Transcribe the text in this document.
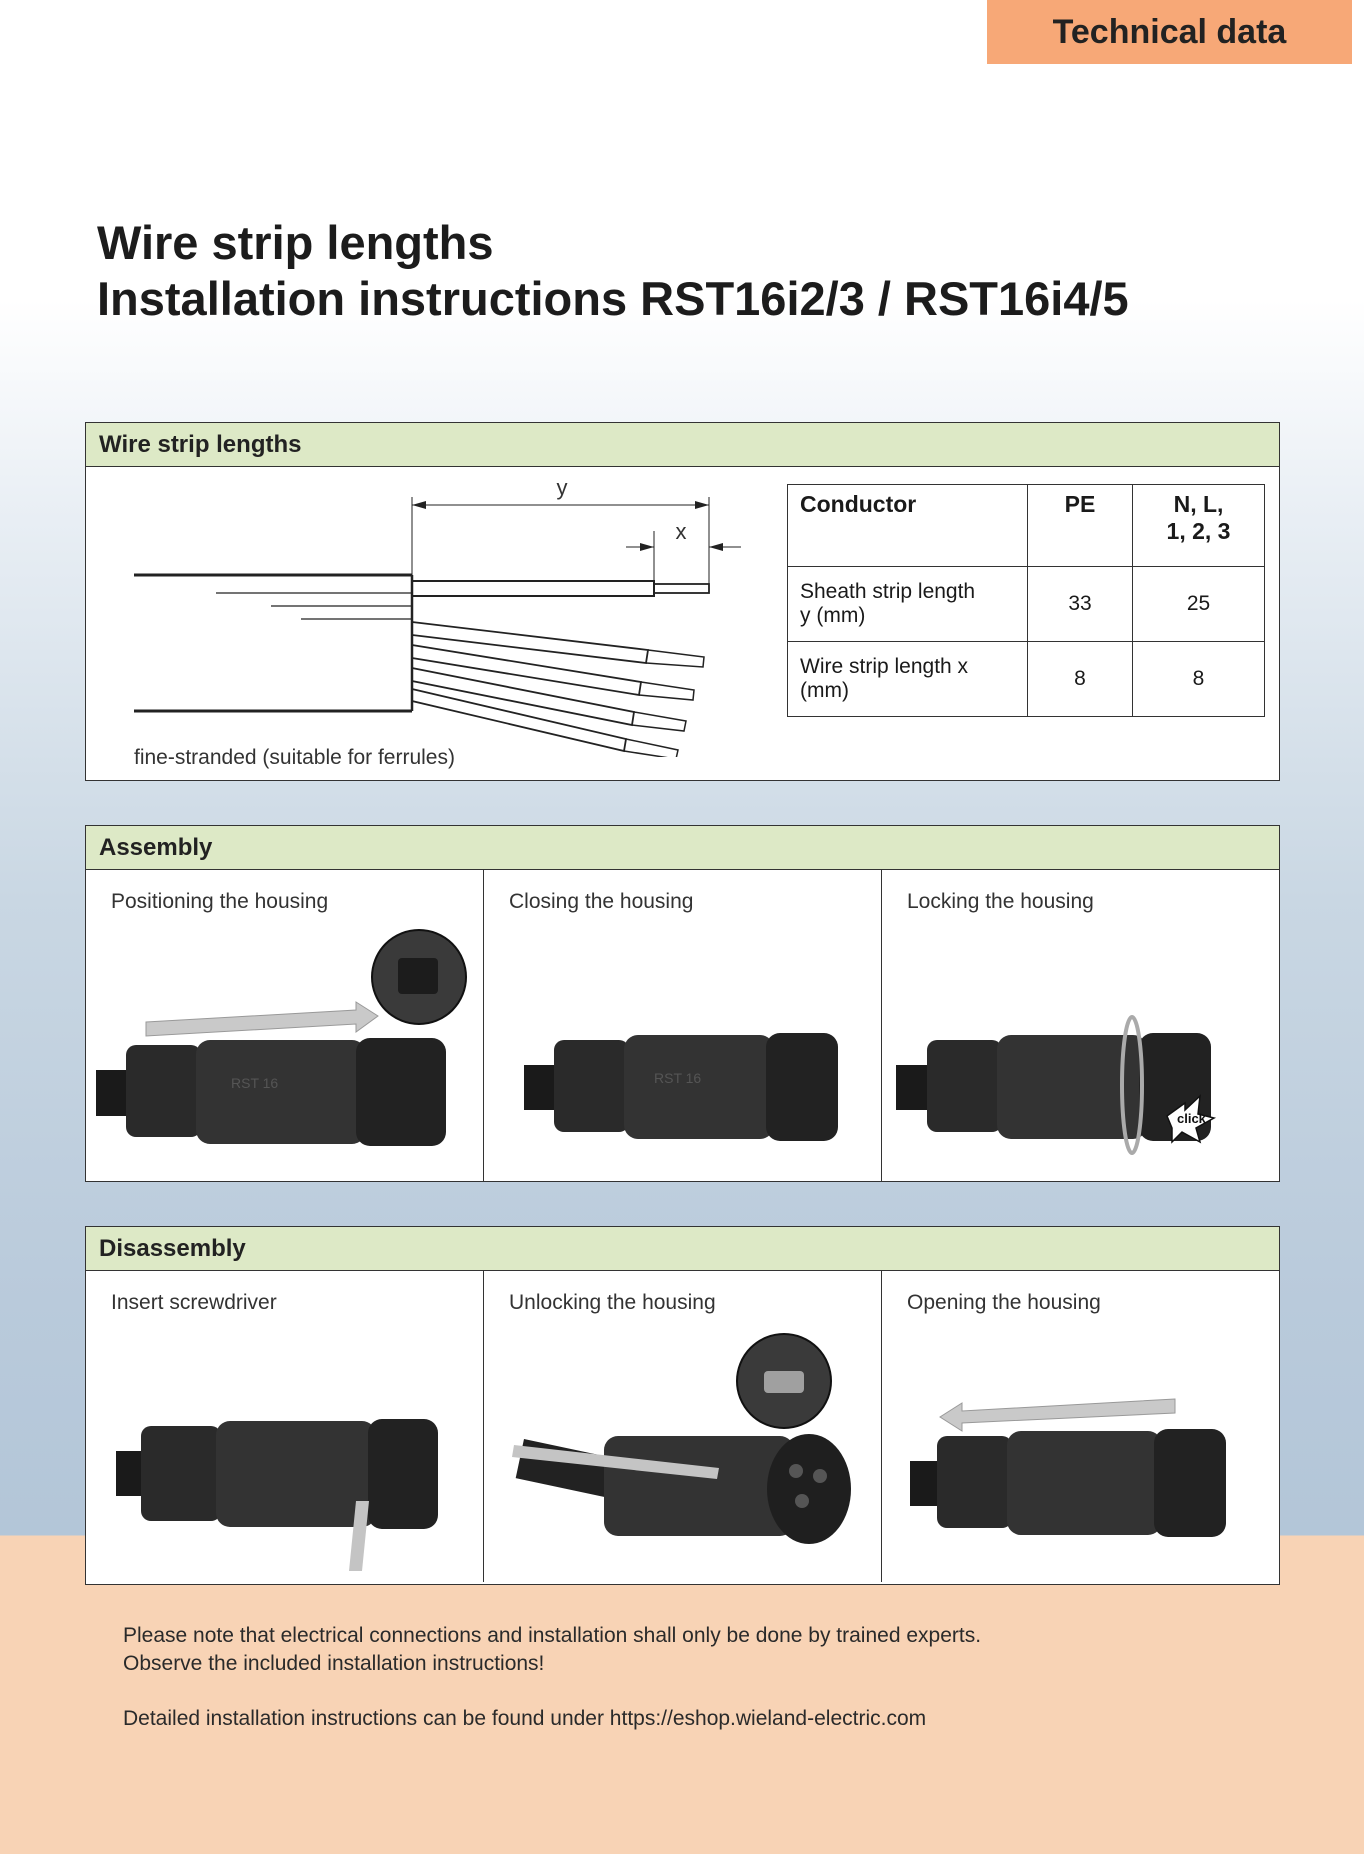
Technical data
Wire strip lengths
Installation instructions RST16i2/3 / RST16i4/5
Wire strip lengths
y
x
fine-stranded (suitable for ferrules)
Conductor	PE	N, L,
1, 2, 3
Sheath strip length
y (mm)	33	25
Wire strip length x (mm)	8	8
Assembly
Positioning the housing
RST 16
Closing the housing
RST 16
Locking the housing
click
Disassembly
Insert screwdriver	Unlocking the housing	Opening the housing

Please note that electrical connections and installation shall only be done by trained experts.

Observe the included installation instructions!

Detailed installation instructions can be found under https://eshop.wieland-electric.com
